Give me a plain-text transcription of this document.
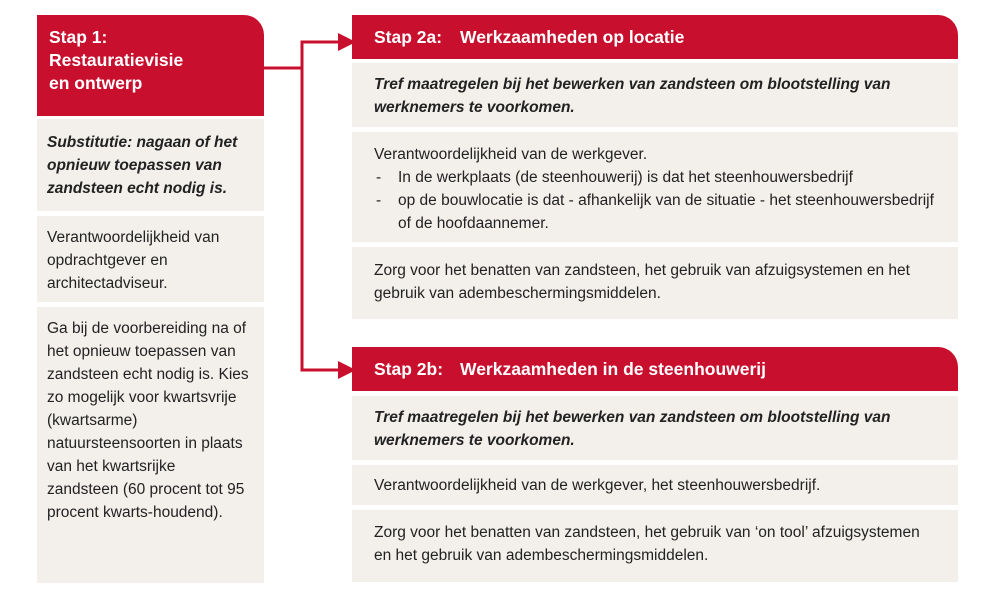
Stap 1:
Restauratievisie
en ontwerp
Substitutie: nagaan of het opnieuw toepassen van zandsteen echt nodig is.
Verantwoordelijkheid van opdrachtgever en architectadviseur.
Ga bij de voorbereiding na of het opnieuw toepassen van zandsteen echt nodig is. Kies zo mogelijk voor kwartsvrije (kwartsarme) natuursteensoorten in plaats van het kwartsrijke zandsteen (60 procent tot 95 procent kwarts-houdend).
Stap 2a: Werkzaamheden op locatie
Tref maatregelen bij het bewerken van zandsteen om blootstelling van werknemers te voorkomen.
Verantwoordelijkheid van de werkgever.
- In de werkplaats (de steenhouwerij) is dat het steenhouwersbedrijf
- op de bouwlocatie is dat - afhankelijk van de situatie - het steenhouwersbedrijf of de hoofdaannemer.
Zorg voor het benatten van zandsteen, het gebruik van afzuigsystemen en het gebruik van adembeschermingsmiddelen.
Stap 2b: Werkzaamheden in de steenhouwerij
Tref maatregelen bij het bewerken van zandsteen om blootstelling van werknemers te voorkomen.
Verantwoordelijkheid van de werkgever, het steenhouwersbedrijf.
Zorg voor het benatten van zandsteen, het gebruik van ‘on tool’ afzuigsystemen en het gebruik van adembeschermingsmiddelen.
